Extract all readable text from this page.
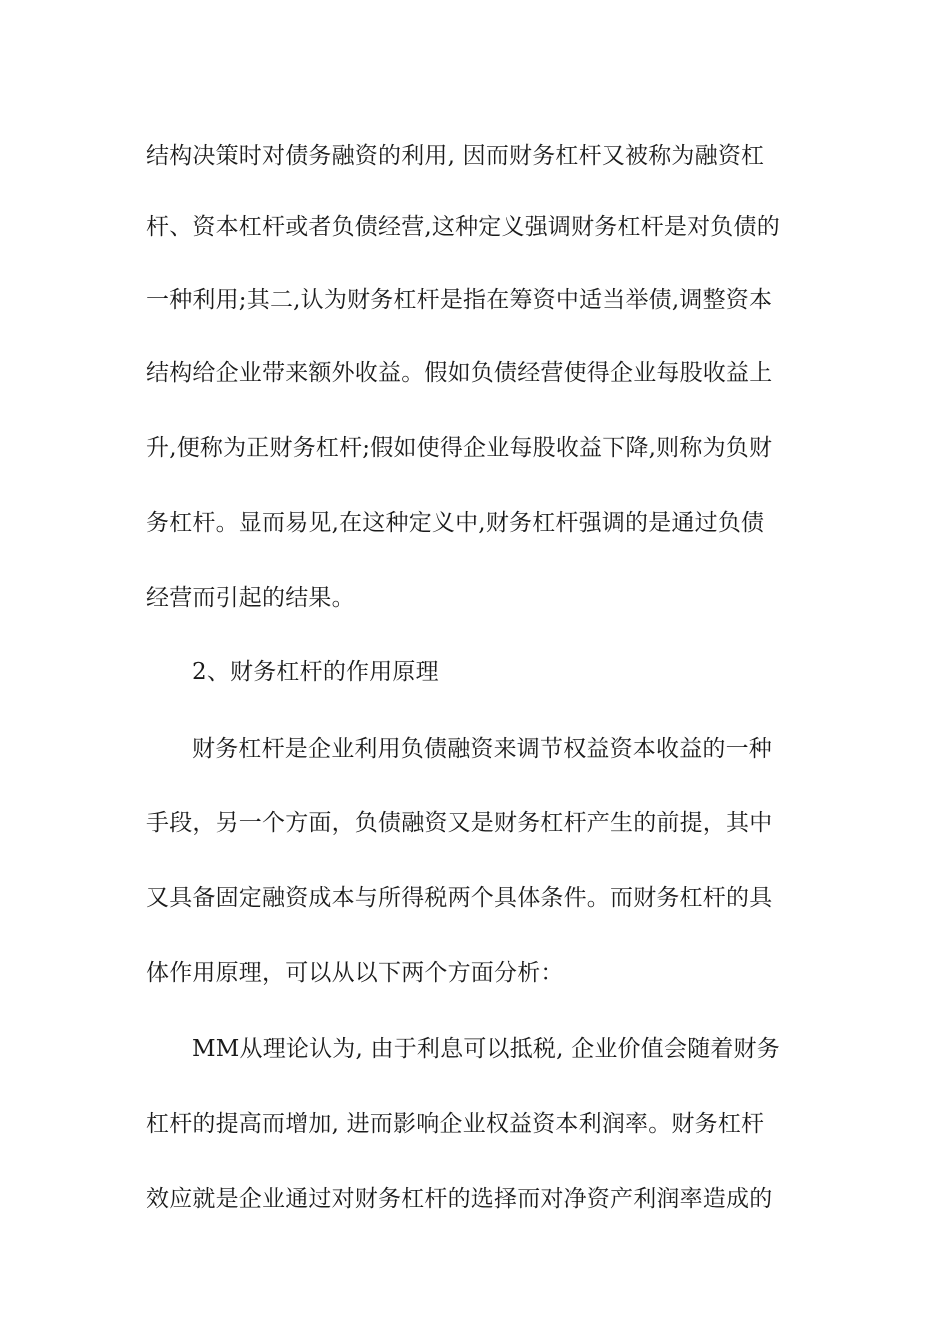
结构决策时对债务融资的利用, 因而财务杠杆又被称为融资杠
杆、资本杠杆或者负债经营,这种定义强调财务杠杆是对负债的
一种利用;其二,认为财务杠杆是指在筹资中适当举债,调整资本
结构给企业带来额外收益。假如负债经营使得企业每股收益上
升,便称为正财务杠杆;假如使得企业每股收益下降,则称为负财
务杠杆。显而易见,在这种定义中,财务杠杆强调的是通过负债
经营而引起的结果。
2、财务杠杆的作用原理
财务杠杆是企业利用负债融资来调节权益资本收益的一种
手段，另一个方面，负债融资又是财务杠杆产生的前提，其中
又具备固定融资成本与所得税两个具体条件。而财务杠杆的具
体作用原理，可以从以下两个方面分析：
MM从理论认为, 由于利息可以抵税, 企业价值会随着财务
杠杆的提高而增加, 进而影响企业权益资本利润率。财务杠杆
效应就是企业通过对财务杠杆的选择而对净资产利润率造成的
